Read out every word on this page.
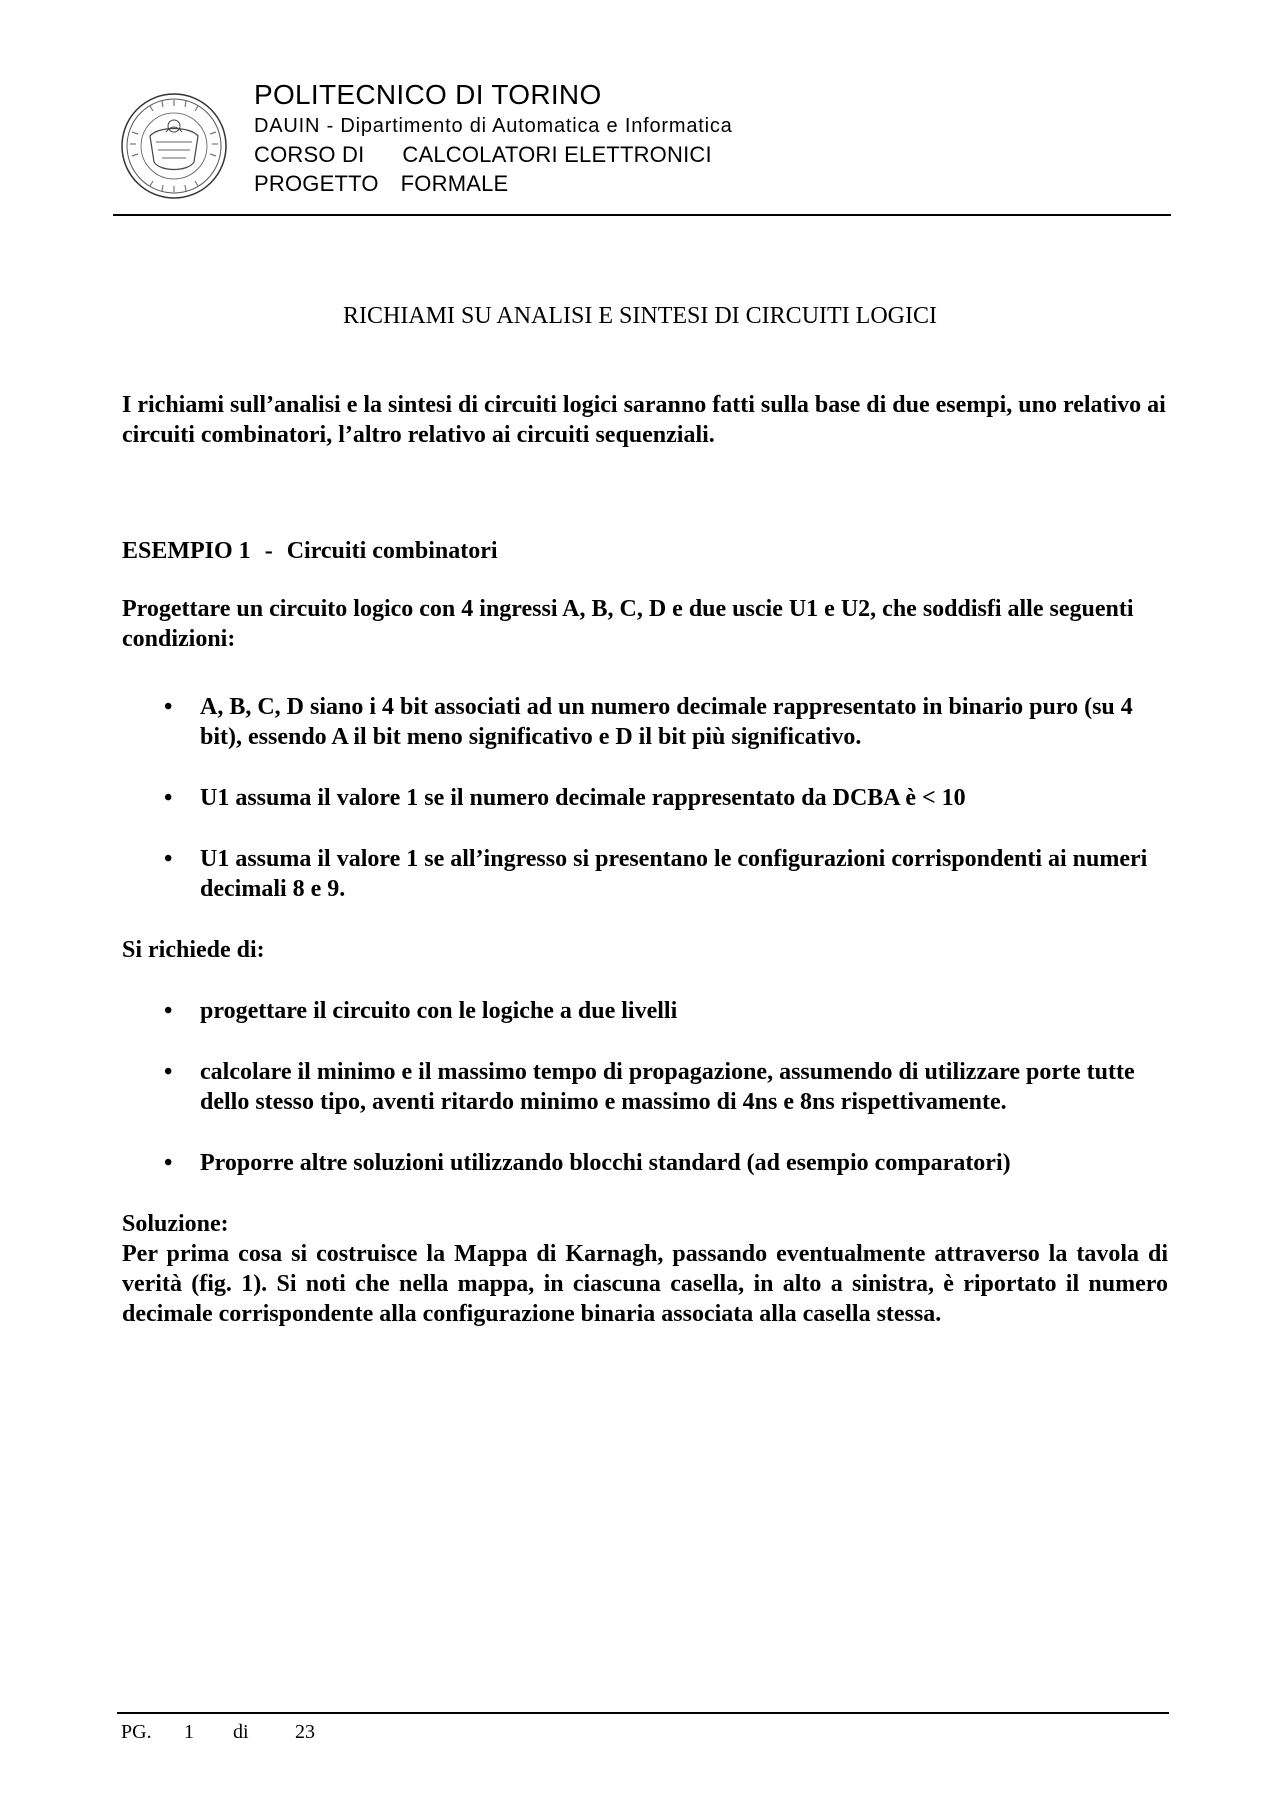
POLITECNICO DI TORINO
DAUIN - Dipartimento di Automatica e Informatica
CORSO DI CALCOLATORI ELETTRONICI
PROGETTO FORMALE
RICHIAMI SU ANALISI E SINTESI DI CIRCUITI LOGICI

I richiami sull’analisi e la sintesi di circuiti logici saranno fatti sulla base di due esempi, uno relativo ai circuiti combinatori, l’altro relativo ai circuiti sequenziali.

ESEMPIO 1 - Circuiti combinatori

Progettare un circuito logico con 4 ingressi A, B, C, D e due uscie U1 e U2, che soddisfi alle seguenti condizioni:

• A, B, C, D siano i 4 bit associati ad un numero decimale rappresentato in binario puro (su 4 bit), essendo A il bit meno significativo e D il bit più significativo.
• U1 assuma il valore 1 se il numero decimale rappresentato da DCBA è < 10
• U1 assuma il valore 1 se all’ingresso si presentano le configurazioni corrispondenti ai numeri decimali 8 e 9.

Si richiede di:

• progettare il circuito con le logiche a due livelli
• calcolare il minimo e il massimo tempo di propagazione, assumendo di utilizzare porte tutte dello stesso tipo, aventi ritardo minimo e massimo di 4ns e 8ns rispettivamente.
• Proporre altre soluzioni utilizzando blocchi standard (ad esempio comparatori)

Soluzione:

Per prima cosa si costruisce la Mappa di Karnagh, passando eventualmente attraverso la tavola di verità (fig. 1). Si noti che nella mappa, in ciascuna casella, in alto a sinistra, è riportato il numero decimale corrispondente alla configurazione binaria associata alla casella stessa.

PG. 1 di 23
